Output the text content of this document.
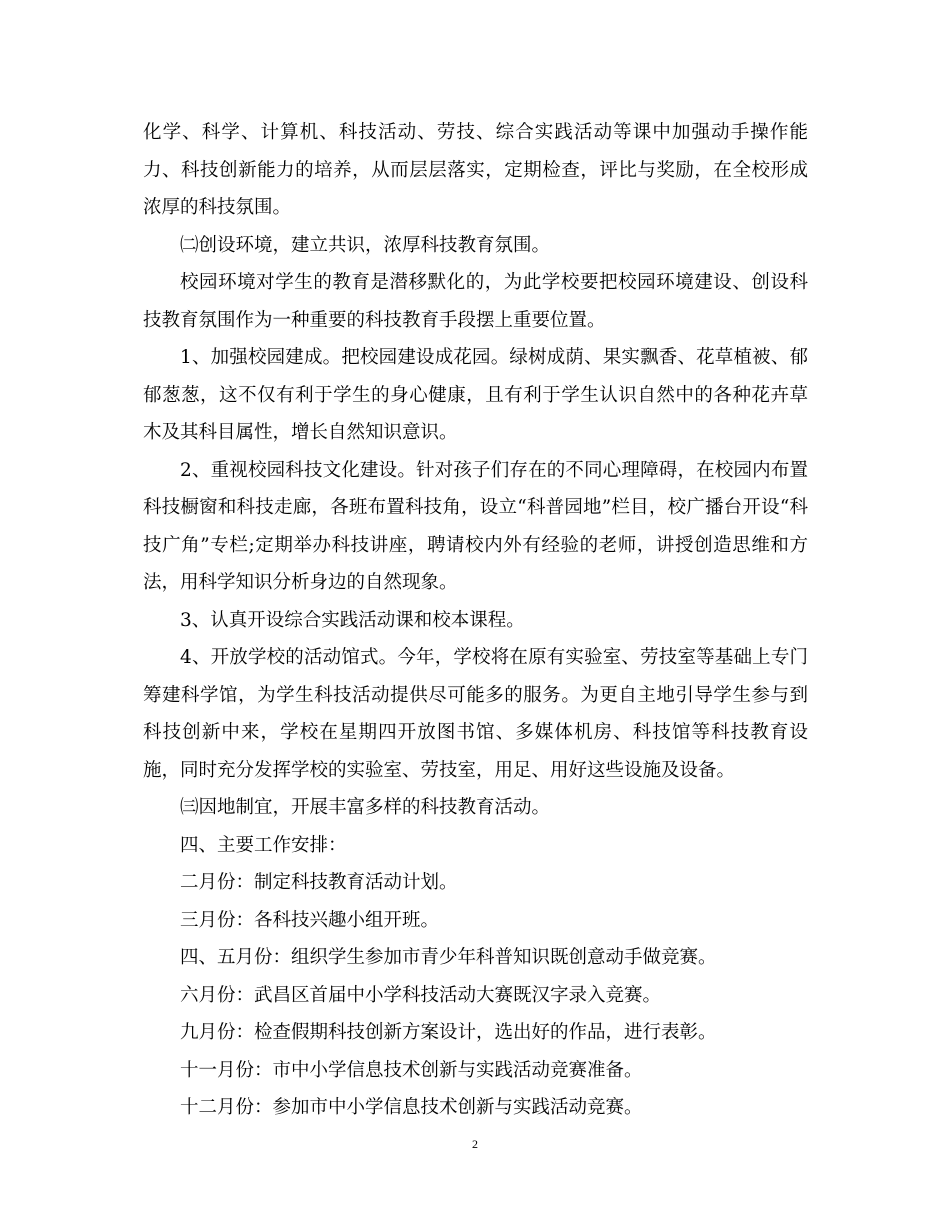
化学、科学、计算机、科技活动、劳技、综合实践活动等课中加强动手操作能力、科技创新能力的培养，从而层层落实，定期检查，评比与奖励，在全校形成浓厚的科技氛围。

㈡创设环境，建立共识，浓厚科技教育氛围。

校园环境对学生的教育是潜移默化的，为此学校要把校园环境建设、创设科技教育氛围作为一种重要的科技教育手段摆上重要位置。

1、加强校园建成。把校园建设成花园。绿树成荫、果实飘香、花草植被、郁郁葱葱，这不仅有利于学生的身心健康，且有利于学生认识自然中的各种花卉草木及其科目属性，增长自然知识意识。

2、重视校园科技文化建设。针对孩子们存在的不同心理障碍，在校园内布置科技橱窗和科技走廊，各班布置科技角，设立“科普园地”栏目，校广播台开设“科技广角”专栏;定期举办科技讲座，聘请校内外有经验的老师，讲授创造思维和方法，用科学知识分析身边的自然现象。

3、认真开设综合实践活动课和校本课程。

4、开放学校的活动馆式。今年，学校将在原有实验室、劳技室等基础上专门筹建科学馆，为学生科技活动提供尽可能多的服务。为更自主地引导学生参与到科技创新中来，学校在星期四开放图书馆、多媒体机房、科技馆等科技教育设施，同时充分发挥学校的实验室、劳技室，用足、用好这些设施及设备。

㈢因地制宜，开展丰富多样的科技教育活动。

四、主要工作安排：

二月份：制定科技教育活动计划。

三月份：各科技兴趣小组开班。

四、五月份：组织学生参加市青少年科普知识既创意动手做竞赛。

六月份：武昌区首届中小学科技活动大赛既汉字录入竞赛。

九月份：检查假期科技创新方案设计，选出好的作品，进行表彰。

十一月份：市中小学信息技术创新与实践活动竞赛准备。

十二月份：参加市中小学信息技术创新与实践活动竞赛。

2
